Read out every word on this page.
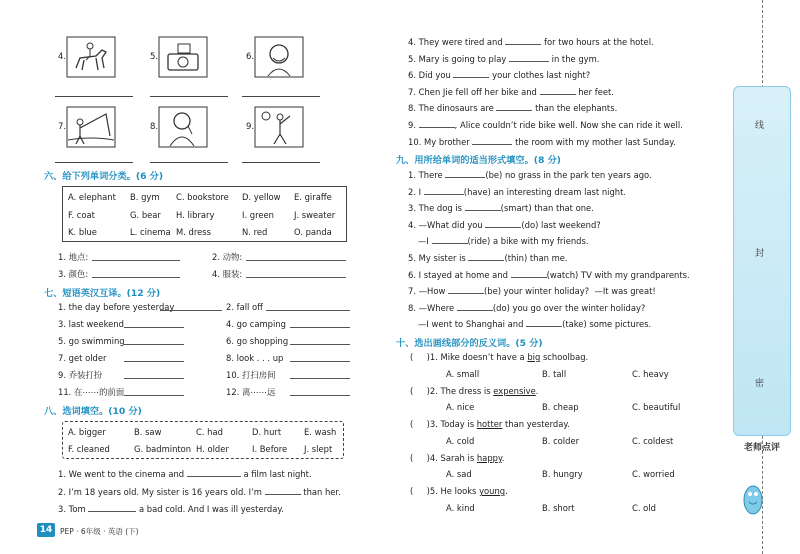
4.	5.	6.
7.	8.	9.
六、给下列单词分类。(6 分)
A. elephant B. gym C. bookstore D. yellow E. giraffe
F. coat	G. bear H. library	I. green J. sweater
K. blue	L. cinema M. dress	N. red	O. panda
1. 地点:	2. 动物:
3. 颜色:	4. 服装:
七、短语英汉互译。(12 分)
1. the day before yesterday	2. fall off
3. last weekend	4. go camping
5. go swimming	6. go shopping
7. get older	8. look . . . up
9. 乔装打扮	10. 打扫房间
11. 在⋯⋯的前面	12. 离⋯⋯远
八、选词填空。(10 分)
A. bigger	B. saw	C. had	D. hurt	E. wash
F. cleaned	G. badminton H. older	I. Before J. slept
1. We went to the cinema and	a film last night.
2. I’m 18 years old. My sister is 16 years old. I’m	than her.
3. Tom	a bad cold. And I was ill yesterday.
4. They were tired and	for two hours at the hotel.
5. Mary is going to play	in the gym.
6. Did you	your clothes last night?
7. Chen Jie fell off her bike and	her feet.
8. The dinosaurs are	than the elephants.
9.	, Alice couldn’t ride bike well. Now she can ride it well.
10. My brother	the room with my mother last Sunday.
九、用所给单词的适当形式填空。(8 分)
1. There	(be) no grass in the park ten years ago.
2. I	(have) an interesting dream last night.
3. The dog is	(smart) than that one.
4. —What did you	(do) last weekend?
—I	(ride) a bike with my friends.
5. My sister is	(thin) than me.
6. I stayed at home and	(watch) TV with my grandparents.
7. —How	(be) your winter holiday? —It was great!
8. —Where	(do) you go over the winter holiday?
—I went to Shanghai and	(take) some pictures.
十、选出画线部分的反义词。(5 分)
( )1. Mike doesn’t have a big schoolbag.
A. small	B. tall	C. heavy
( )2. The dress is expensive.
A. nice	B. cheap	C. beautiful
( )3. Today is hotter than yesterday.
A. cold	B. colder	C. coldest
( )4. Sarah is happy.
A. sad	B. hungry	C. worried
( )5. He looks young.
A. kind	B. short	C. old
老师点评
线
封
密
14	PEP · 6年级 · 英语 (下)
